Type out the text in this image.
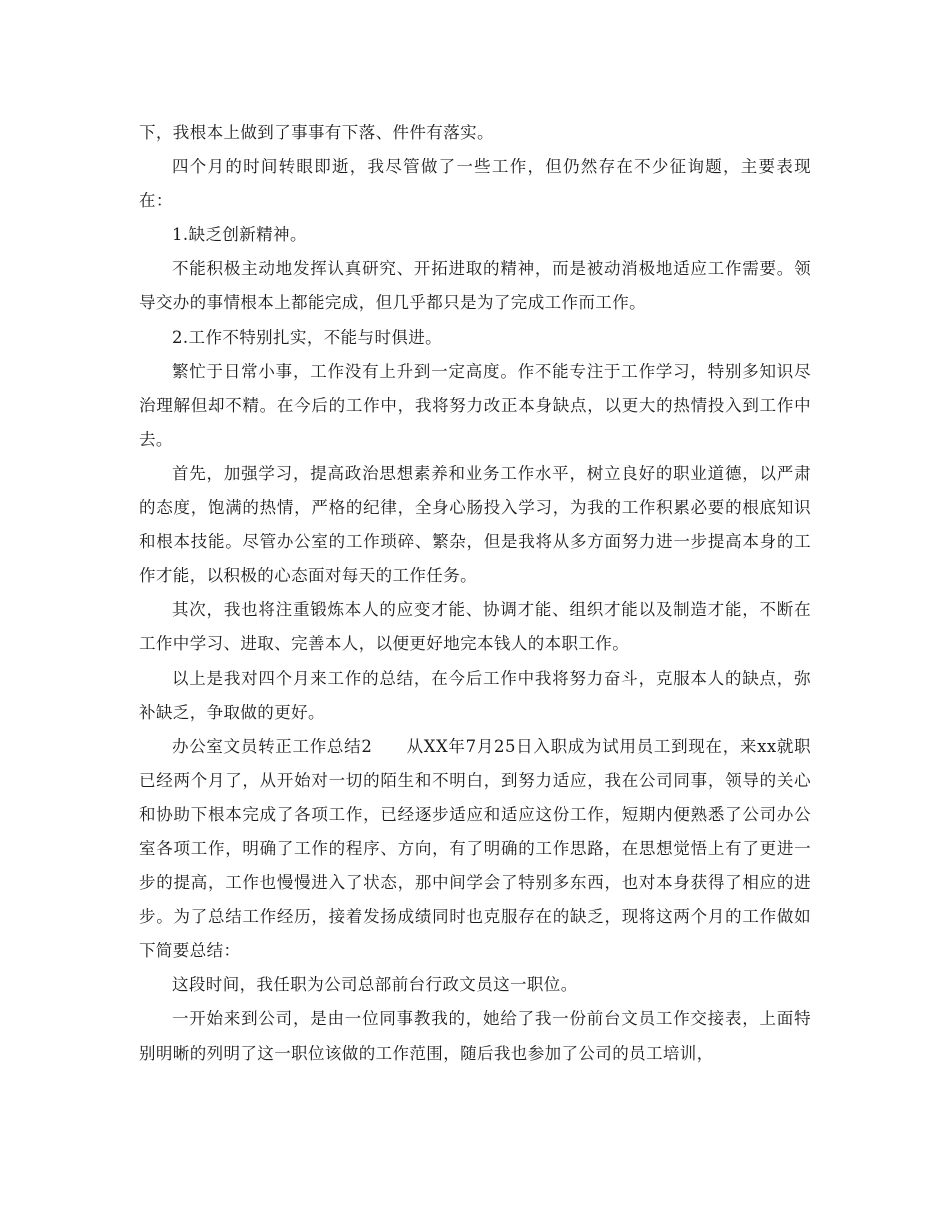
下，我根本上做到了事事有下落、件件有落实。

四个月的时间转眼即逝，我尽管做了一些工作，但仍然存在不少征询题，主要表现在：

1.缺乏创新精神。

不能积极主动地发挥认真研究、开拓进取的精神，而是被动消极地适应工作需要。领导交办的事情根本上都能完成，但几乎都只是为了完成工作而工作。

2.工作不特别扎实，不能与时俱进。

繁忙于日常小事，工作没有上升到一定高度。作不能专注于工作学习，特别多知识尽治理解但却不精。在今后的工作中，我将努力改正本身缺点，以更大的热情投入到工作中去。

首先，加强学习，提高政治思想素养和业务工作水平，树立良好的职业道德，以严肃的态度，饱满的热情，严格的纪律，全身心肠投入学习，为我的工作积累必要的根底知识和根本技能。尽管办公室的工作琐碎、繁杂，但是我将从多方面努力进一步提高本身的工作才能，以积极的心态面对每天的工作任务。

其次，我也将注重锻炼本人的应变才能、协调才能、组织才能以及制造才能，不断在工作中学习、进取、完善本人，以便更好地完本钱人的本职工作。

以上是我对四个月来工作的总结，在今后工作中我将努力奋斗，克服本人的缺点，弥补缺乏，争取做的更好。

办公室文员转正工作总结2 从XX年7月25日入职成为试用员工到现在，来xx就职已经两个月了，从开始对一切的陌生和不明白，到努力适应，我在公司同事，领导的关心和协助下根本完成了各项工作，已经逐步适应和适应这份工作，短期内便熟悉了公司办公室各项工作，明确了工作的程序、方向，有了明确的工作思路，在思想觉悟上有了更进一步的提高，工作也慢慢进入了状态，那中间学会了特别多东西，也对本身获得了相应的进步。为了总结工作经历，接着发扬成绩同时也克服存在的缺乏，现将这两个月的工作做如下简要总结：

这段时间，我任职为公司总部前台行政文员这一职位。

一开始来到公司，是由一位同事教我的，她给了我一份前台文员工作交接表，上面特别明晰的列明了这一职位该做的工作范围，随后我也参加了公司的员工培训，
